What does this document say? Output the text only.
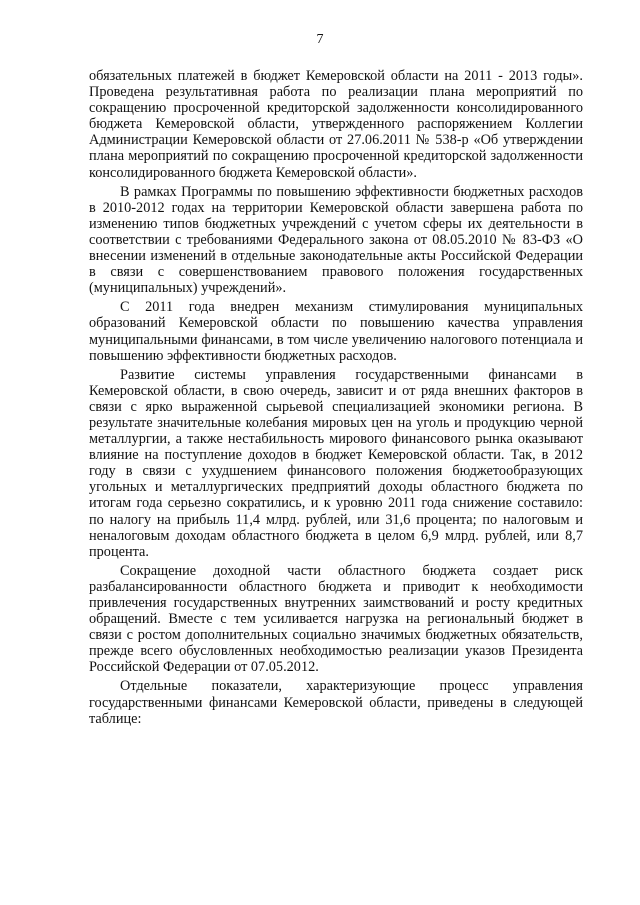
7

обязательных платежей в бюджет Кемеровской области на 2011 - 2013 годы». Проведена результативная работа по реализации плана мероприятий по сокращению просроченной кредиторской задолженности консолидированного бюджета Кемеровской области, утвержденного распоряжением Коллегии Администрации Кемеровской области от 27.06.2011 № 538-р «Об утверждении плана мероприятий по сокращению просроченной кредиторской задолженности консолидированного бюджета Кемеровской области».

В рамках Программы по повышению эффективности бюджетных расходов в 2010-2012 годах на территории Кемеровской области завершена работа по изменению типов бюджетных учреждений с учетом сферы их деятельности в соответствии с требованиями Федерального закона от 08.05.2010 № 83-ФЗ «О внесении изменений в отдельные законодательные акты Российской Федерации в связи с совершенствованием правового положения государственных (муниципальных) учреждений».

С 2011 года внедрен механизм стимулирования муниципальных образований Кемеровской области по повышению качества управления муниципальными финансами, в том числе увеличению налогового потенциала и повышению эффективности бюджетных расходов.

Развитие системы управления государственными финансами в Кемеровской области, в свою очередь, зависит и от ряда внешних факторов в связи с ярко выраженной сырьевой специализацией экономики региона. В результате значительные колебания мировых цен на уголь и продукцию черной металлургии, а также нестабильность мирового финансового рынка оказывают влияние на поступление доходов в бюджет Кемеровской области. Так, в 2012 году в связи с ухудшением финансового положения бюджетообразующих угольных и металлургических предприятий доходы областного бюджета по итогам года серьезно сократились, и к уровню 2011 года снижение составило: по налогу на прибыль 11,4 млрд. рублей, или 31,6 процента; по налоговым и неналоговым доходам областного бюджета в целом 6,9 млрд. рублей, или 8,7 процента.

Сокращение доходной части областного бюджета создает риск разбалансированности областного бюджета и приводит к необходимости привлечения государственных внутренних заимствований и росту кредитных обращений. Вместе с тем усиливается нагрузка на региональный бюджет в связи с ростом дополнительных социально значимых бюджетных обязательств, прежде всего обусловленных необходимостью реализации указов Президента Российской Федерации от 07.05.2012.

Отдельные показатели, характеризующие процесс управления государственными финансами Кемеровской области, приведены в следующей таблице:
